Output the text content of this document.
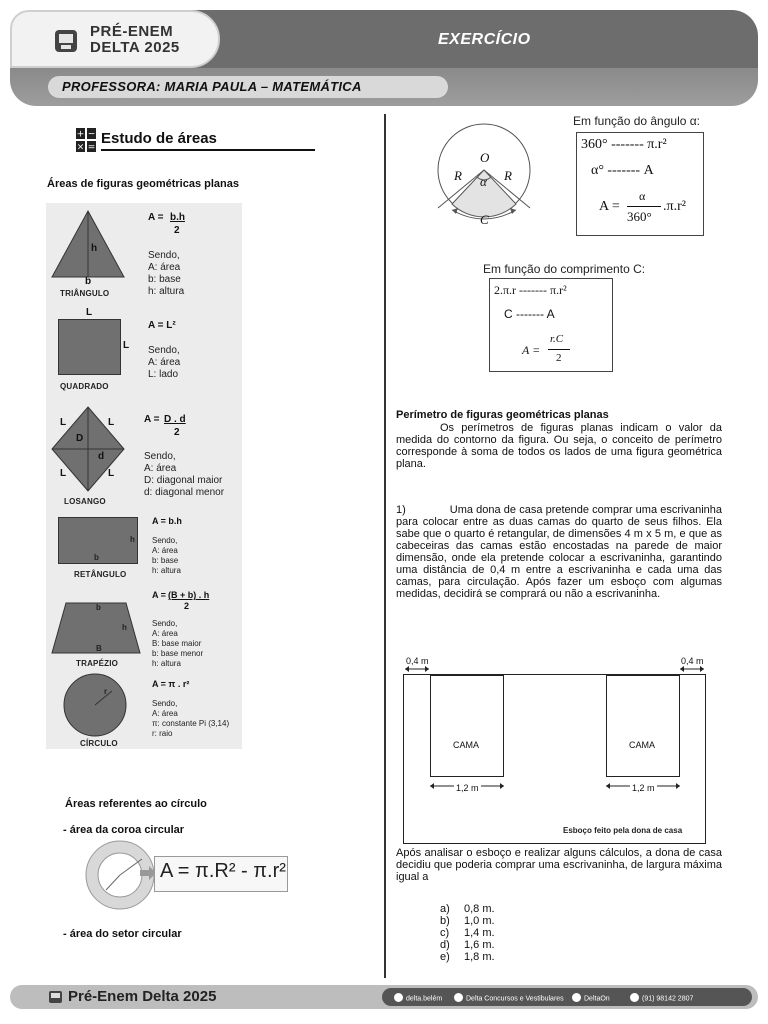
PRÉ-ENEM
DELTA 2025	EXERCÍCIO
PROFESSORA: MARIA PAULA – MATEMÁTICA
+ −
× =
Estudo de áreas
Áreas de figuras geométricas planas
h
b
TRIÂNGULO
A = b.h
2
Sendo,
A: área
b: base
h: altura
L
L
QUADRADO
A = L²
Sendo,
A: área
L: lado
L	L
L	L
D
d
LOSANGO
A = D . d
2
Sendo,
A: área
D: diagonal maior
d: diagonal menor
h
b
RETÂNGULO
A = b.h
Sendo,
A: área
b: base
h: altura
b
B
h
TRAPÉZIO
A = (B + b) . h
2
Sendo,
A: área
B: base maior
b: base menor
h: altura
r
CÍRCULO
A = π . r²
Sendo,
A: área
π: constante Pi (3,14)
r: raio
Áreas referentes ao círculo
- área da coroa circular
A = π.R² - π.r²
- área do setor circular
O
R	R
α
C
Em função do ângulo α:
360° ------- π.r²
α° ------- A
A =
α
360°
.π.r²
Em função do comprimento C:
2.π.r ------- π.r²
C ------- A
A =
r.C
2
Perímetro de figuras geométricas planas
Os perímetros de figuras planas indicam o valor da medida do contorno da figura. Ou seja, o conceito de perímetro corresponde à soma de todos os lados de uma figura geométrica plana.
1)	Uma dona de casa pretende comprar uma escrivaninha para colocar entre as duas camas do quarto de seus filhos. Ela sabe que o quarto é retangular, de dimensões 4 m x 5 m, e que as cabeceiras das camas estão encostadas na parede de maior dimensão, onde ela pretende colocar a escrivaninha, garantindo uma distância de 0,4 m entre a escrivaninha e cada uma das camas, para circulação. Após fazer um esboço com algumas medidas, decidirá se comprará ou não a escrivaninha.
0,4 m	0,4 m
CAMA	CAMA
1,2 m	1,2 m
Esboço feito pela dona de casa
Após analisar o esboço e realizar alguns cálculos, a dona de casa decidiu que poderia comprar uma escrivaninha, de largura máxima igual a
a)	0,8 m.
b)	1,0 m.
c)	1,4 m.
d)	1,6 m.
e)	1,8 m.
Pré-Enem Delta 2025	delta.belém	Delta Concursos e Vestibulares	DeltaOn	(91) 98142 2807
